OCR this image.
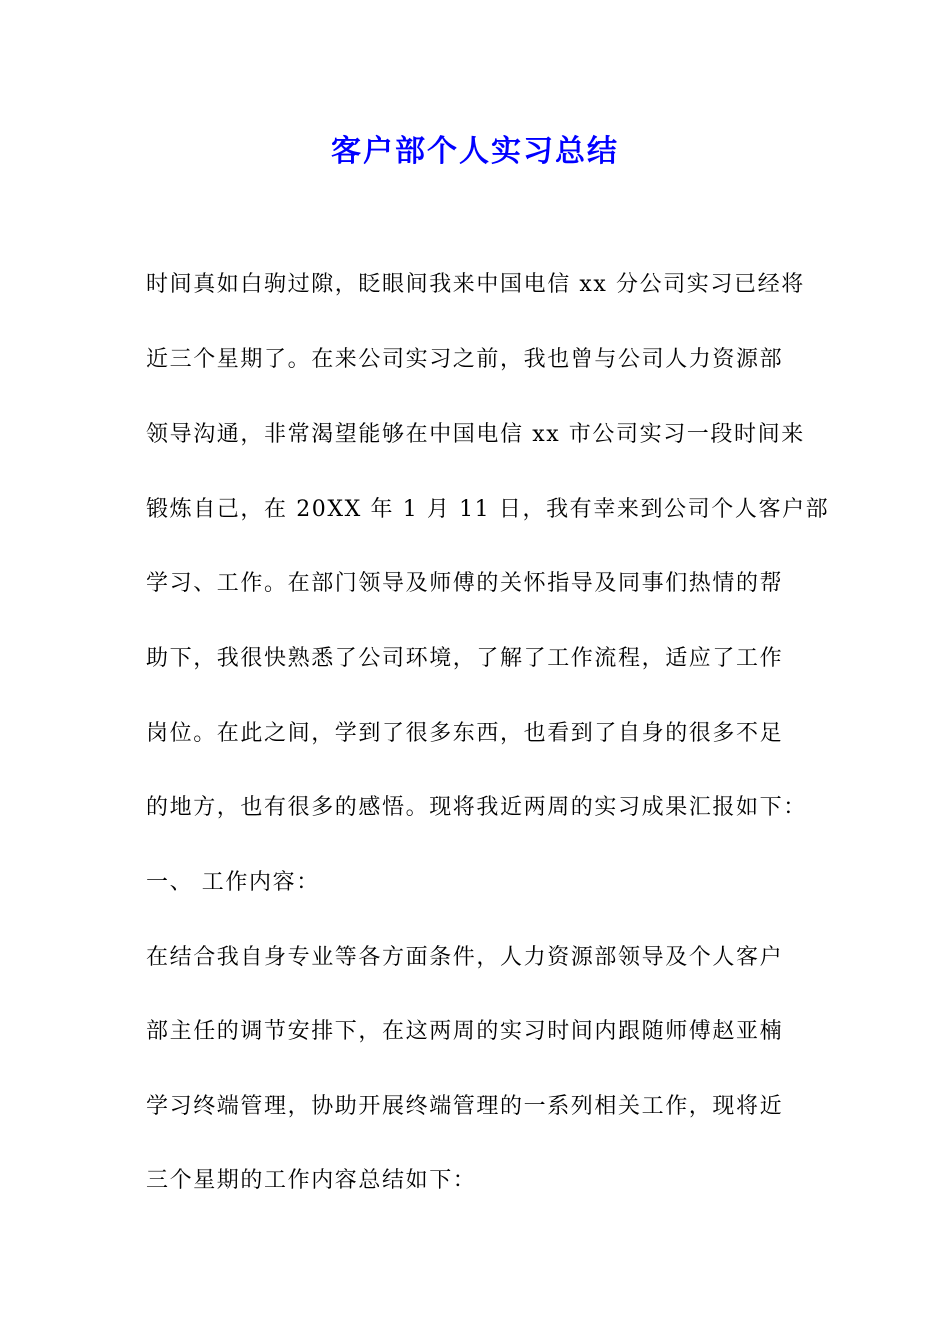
客户部个人实习总结
时间真如白驹过隙，眨眼间我来中国电信 xx 分公司实习已经将
近三个星期了。在来公司实习之前，我也曾与公司人力资源部
领导沟通，非常渴望能够在中国电信 xx 市公司实习一段时间来
锻炼自己，在 20XX 年 1 月 11 日，我有幸来到公司个人客户部
学习、工作。在部门领导及师傅的关怀指导及同事们热情的帮
助下，我很快熟悉了公司环境，了解了工作流程，适应了工作
岗位。在此之间，学到了很多东西，也看到了自身的很多不足
的地方，也有很多的感悟。现将我近两周的实习成果汇报如下：
一、 工作内容：
在结合我自身专业等各方面条件，人力资源部领导及个人客户
部主任的调节安排下，在这两周的实习时间内跟随师傅赵亚楠
学习终端管理，协助开展终端管理的一系列相关工作，现将近
三个星期的工作内容总结如下：
